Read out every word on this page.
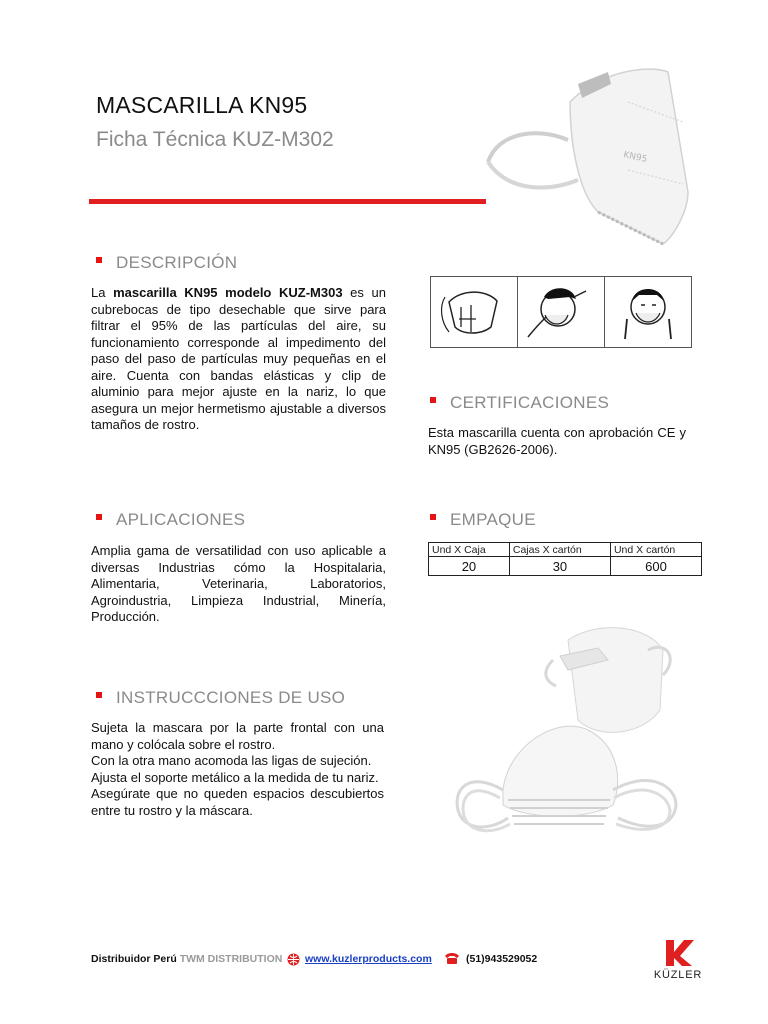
MASCARILLA KN95
Ficha Técnica KUZ-M302
KN95
DESCRIPCIÓN
La mascarilla KN95 modelo KUZ-M303 es un cubrebocas de tipo desechable que sirve para filtrar el 95% de las partículas del aire, su funcionamiento corresponde al impedimento del paso del paso de partículas muy pequeñas en el aire. Cuenta con bandas elásticas y clip de aluminio para mejor ajuste en la nariz, lo que asegura un mejor hermetismo ajustable a diversos tamaños de rostro.
CERTIFICACIONES
Esta mascarilla cuenta con aprobación CE y KN95 (GB2626-2006).
APLICACIONES
Amplia gama de versatilidad con uso aplicable a diversas Industrias cómo la Hospitalaria, Alimentaria, Veterinaria, Laboratorios, Agroindustria, Limpieza Industrial, Minería, Producción.
EMPAQUE
Und X Caja	Cajas X cartón	Und X cartón
20	30	600
INSTRUCCCIONES DE USO
Sujeta la mascara por la parte frontal con una mano y colócala sobre el rostro.
Con la otra mano acomoda las ligas de sujeción.
Ajusta el soporte metálico a la medida de tu nariz.
Asegúrate que no queden espacios descubiertos entre tu rostro y la máscara.
Distribuidor Perú TWM DISTRIBUTION www.kuzlerproducts.com	(51)943529052
KÜZLER
